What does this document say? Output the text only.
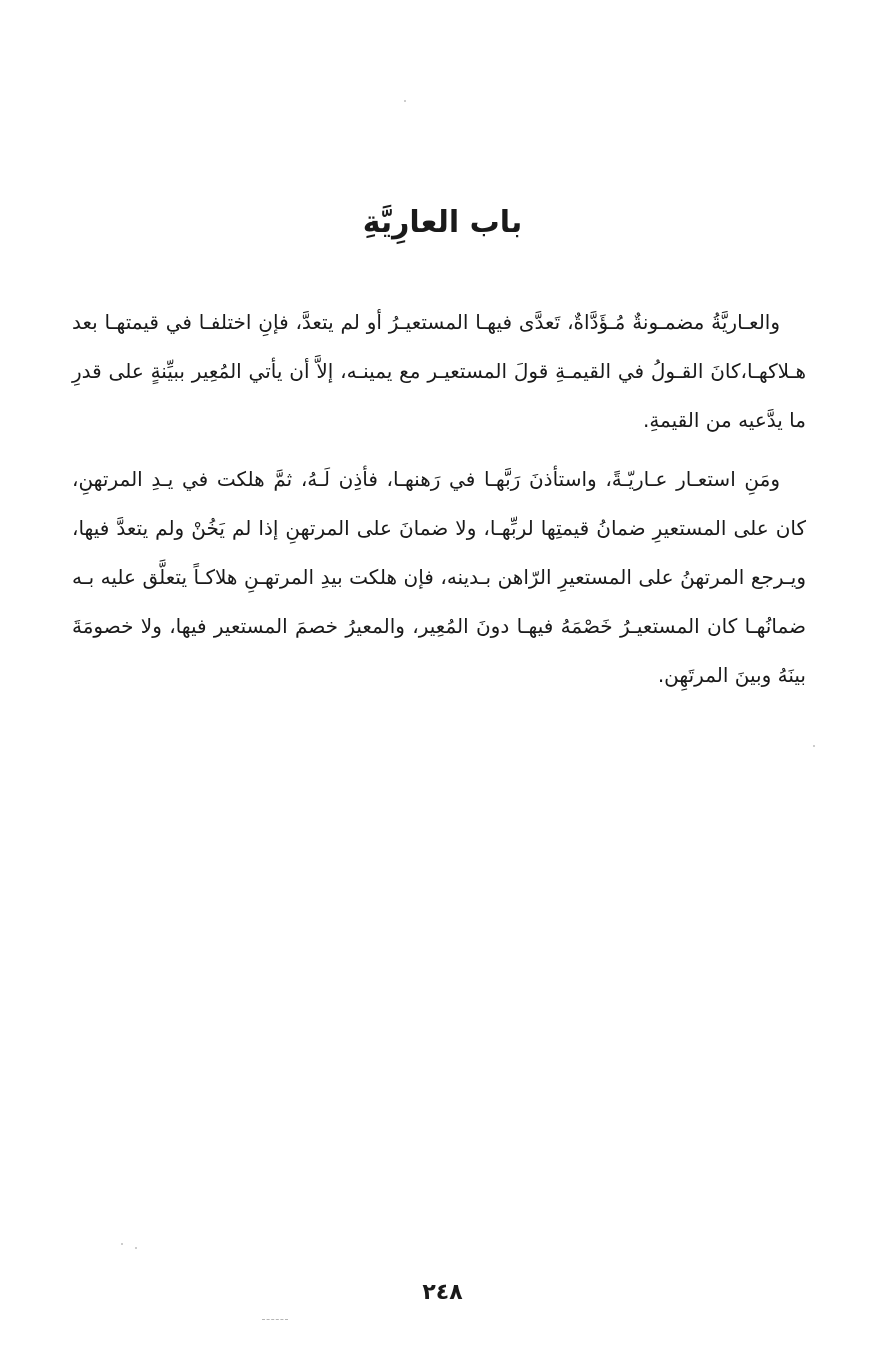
باب العارِيَّةِ

والعـاريَّةُ مضمـونةٌ مُـؤَدَّاةٌ، تَعدَّى فيهـا المستعيـرُ أو لم يتعدَّ، فإنِ اختلفـا في قيمتهـا بعد هـلاكهـا،كانَ القـولُ في القيمـةِ قولَ المستعيـر مع يمينـه، إلاَّ أن يأتي المُعِير ببيِّنةٍ على قدرِ ما يدَّعيه من القيمةِ.

ومَنِ استعـار عـاريّـةً، واستأذنَ رَبَّهـا في رَهنهـا، فأذِن لَـهُ، ثمَّ هلكت في يـدِ المرتهنِ، كان على المستعيرِ ضمانُ قيمتِها لربِّهـا، ولا ضمانَ على المرتهنِ إذا لم يَخُنْ ولم يتعدَّ فيها، ويـرجع المرتهنُ على المستعيرِ الرّاهن بـدينه، فإن هلكت بيدِ المرتهـنِ هلاكـاً يتعلَّق عليه بـه ضمانُهـا كان المستعيـرُ خَصْمَهُ فيهـا دونَ المُعِير، والمعيرُ خصمَ المستعير فيها، ولا خصومَةَ بينَهُ وبينَ المرتَهِن.

٢٤٨
